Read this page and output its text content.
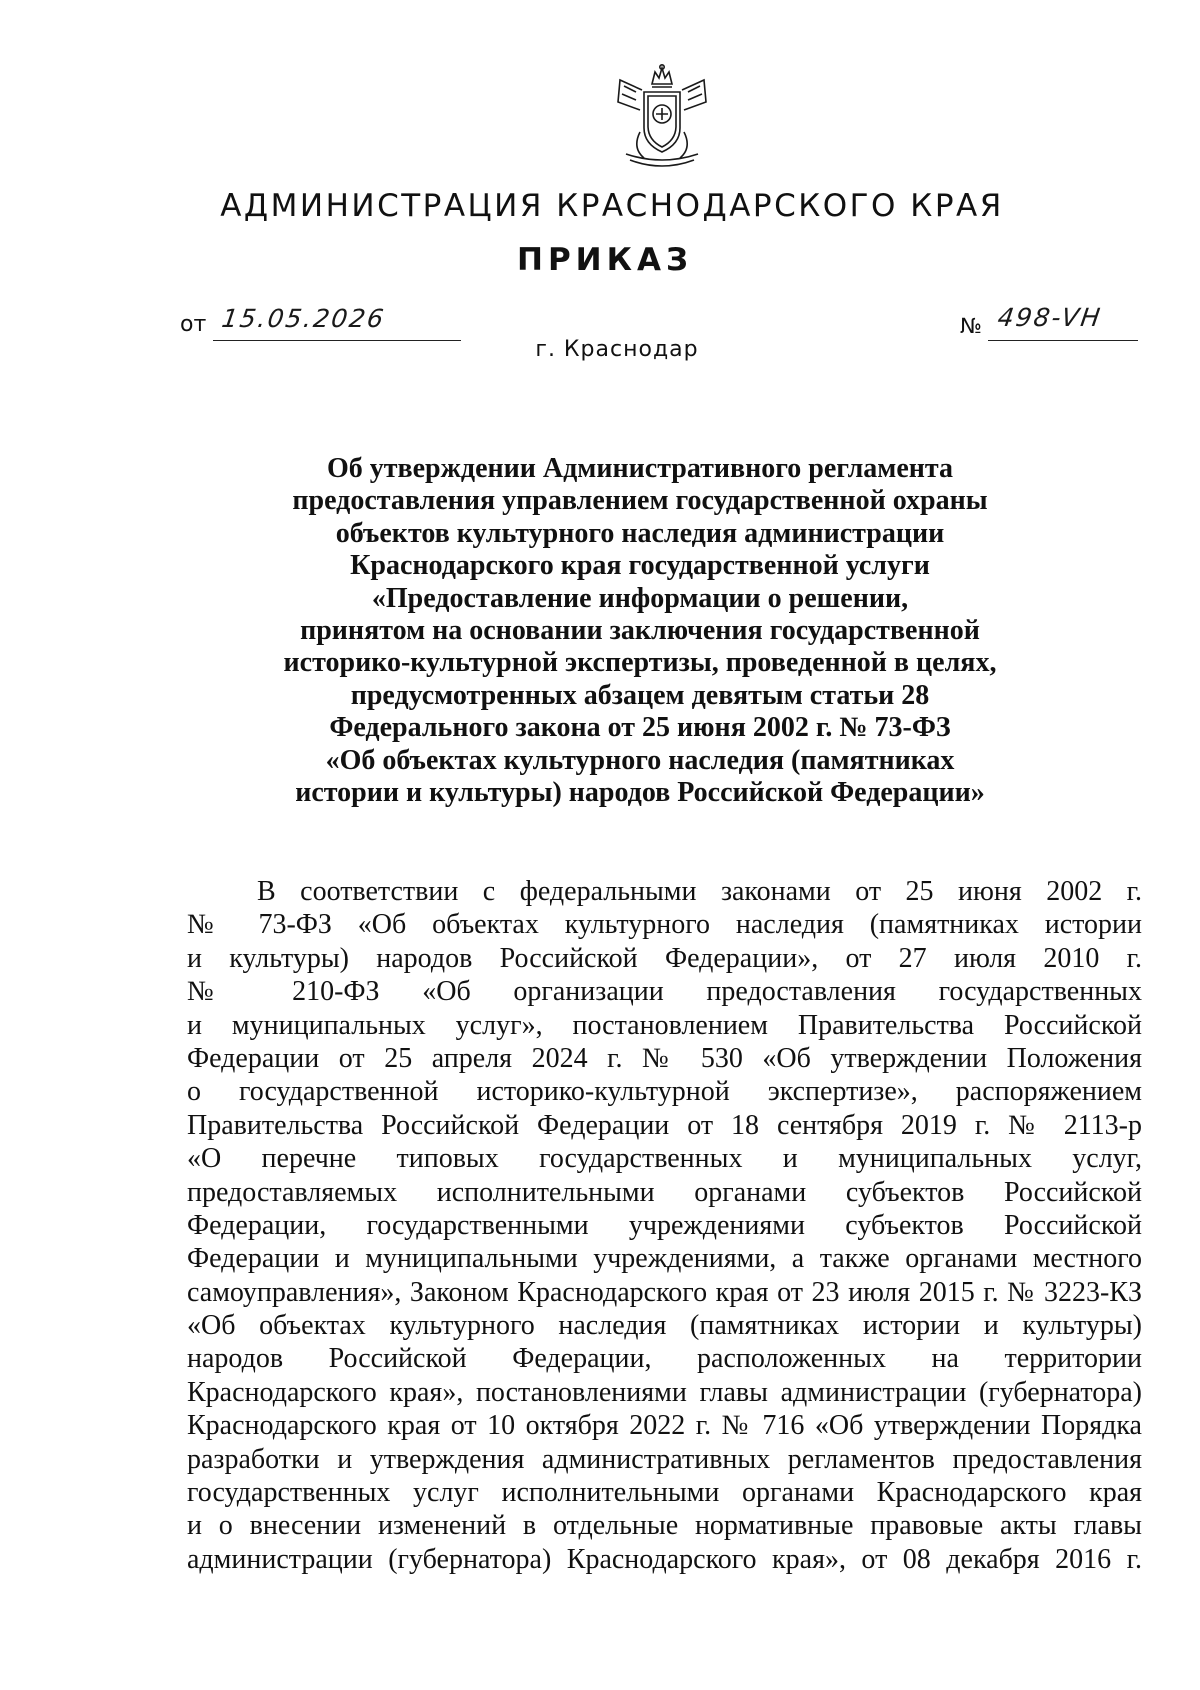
АДМИНИСТРАЦИЯ КРАСНОДАРСКОГО КРАЯ
ПРИКАЗ
от 15.05.2026	№ 498-VH
г. Краснодар
Об утверждении Административного регламента
предоставления управлением государственной охраны
объектов культурного наследия администрации
Краснодарского края государственной услуги
«Предоставление информации о решении,
принятом на основании заключения государственной
историко-культурной экспертизы, проведенной в целях,
предусмотренных абзацем девятым статьи 28
Федерального закона от 25 июня 2002 г. № 73-ФЗ
«Об объектах культурного наследия (памятниках
истории и культуры) народов Российской Федерации»
В соответствии с федеральными законами от 25 июня 2002 г.
№ 73-ФЗ «Об объектах культурного наследия (памятниках истории
и культуры) народов Российской Федерации», от 27 июля 2010 г.
№ 210-ФЗ «Об организации предоставления государственных
и муниципальных услуг», постановлением Правительства Российской
Федерации от 25 апреля 2024 г. № 530 «Об утверждении Положения
о государственной историко-культурной экспертизе», распоряжением
Правительства Российской Федерации от 18 сентября 2019 г. № 2113-р
«О перечне типовых государственных и муниципальных услуг,
предоставляемых исполнительными органами субъектов Российской
Федерации, государственными учреждениями субъектов Российской
Федерации и муниципальными учреждениями, а также органами местного
самоуправления», Законом Краснодарского края от 23 июля 2015 г. № 3223-КЗ
«Об объектах культурного наследия (памятниках истории и культуры)
народов Российской Федерации, расположенных на территории
Краснодарского края», постановлениями главы администрации (губернатора)
Краснодарского края от 10 октября 2022 г. № 716 «Об утверждении Порядка
разработки и утверждения административных регламентов предоставления
государственных услуг исполнительными органами Краснодарского края
и о внесении изменений в отдельные нормативные правовые акты главы
администрации (губернатора) Краснодарского края», от 08 декабря 2016 г.
